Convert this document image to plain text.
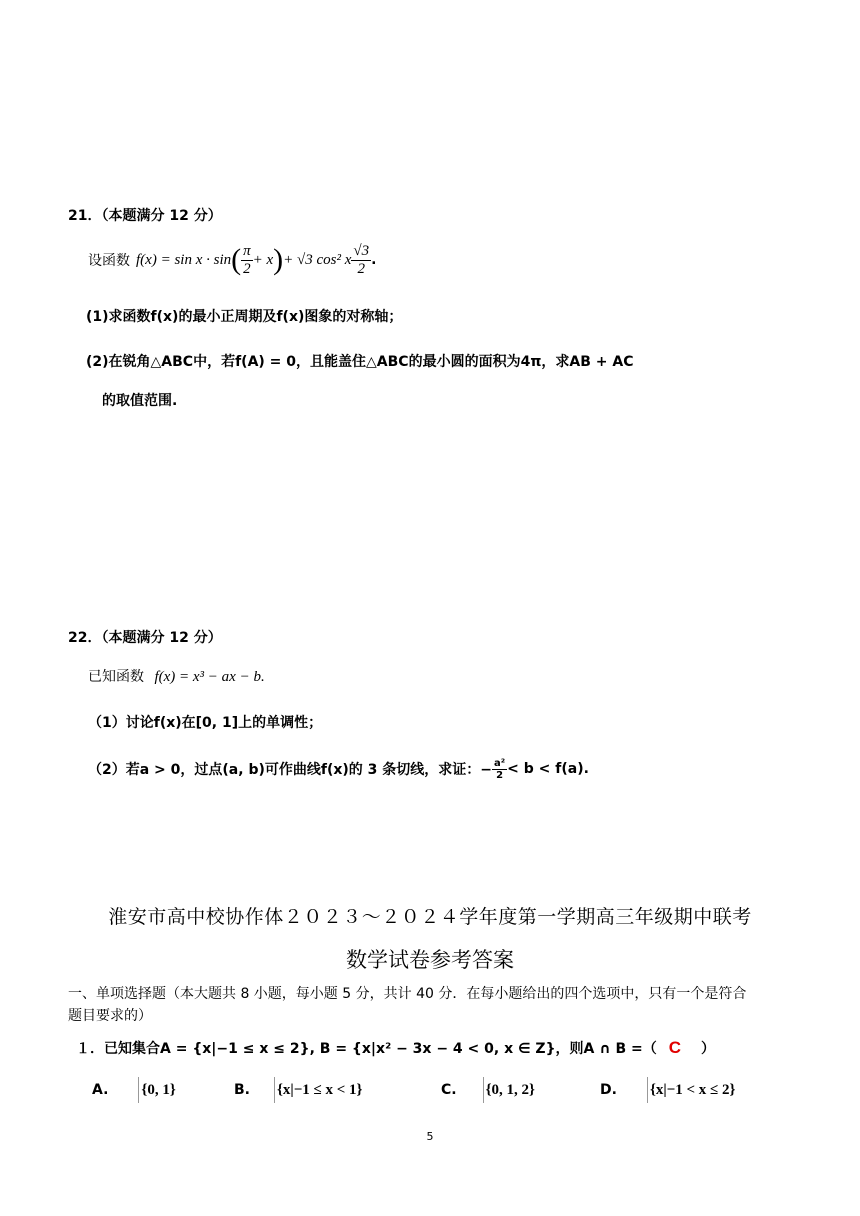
21．（本题满分 12 分）
设函数 f(x) = sin x · sin ( $\frac{\pi}{2} + x$ ) + √3 cos² x $\frac{√3}{2}$ .
(1)求函数f(x)的最小正周期及f(x)图象的对称轴；
(2)在锐角△ABC中，若f(A) = 0，且能盖住△ABC的最小圆的面积为4π，求AB + AC
的取值范围.
22．（本题满分 12 分）
已知函数 f(x) = x³ − ax − b.
（1）讨论f(x)在[0, 1]上的单调性；
（2）若a > 0，过点(a, b)可作曲线f(x)的 3 条切线，求证：− $\frac{\text{a²}}{2} < b < f(a)$.
淮安市高中校协作体２０２３～２０２４学年度第一学期高三年级期中联考
数学试卷参考答案
一、单项选择题（本大题共 8 小题，每小题 5 分，共计 40 分．在每小题给出的四个选项中，只有一个是符合
题目要求的）
１．已知集合A = {x|−1 ≤ x ≤ 2}, B = {x|x² − 3x − 4 < 0, x ∈ Z}，则A ∩ B =（ C ）
A. {0, 1}	B. {x|−1 ≤ x < 1}	C. {0, 1, 2}	D. {x|−1 < x ≤ 2}
5
